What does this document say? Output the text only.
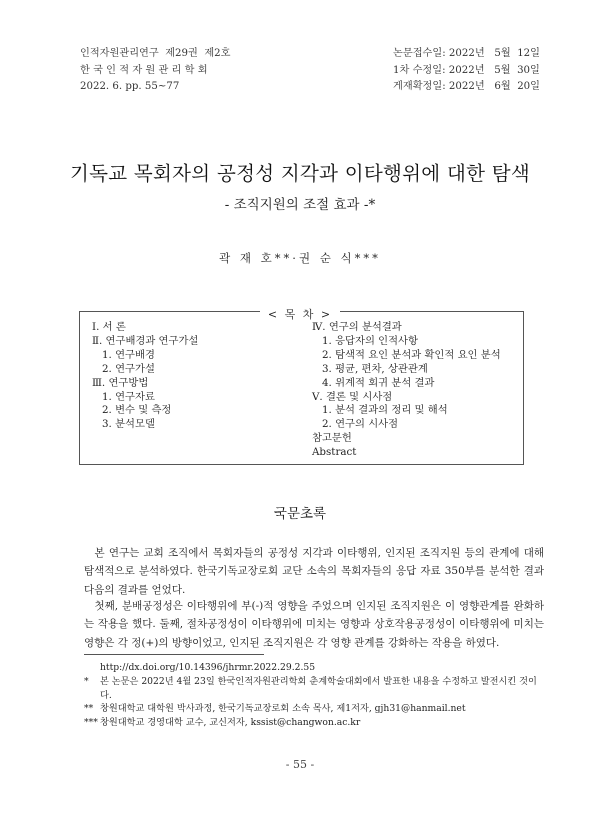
인적자원관리연구  제29권  제2호
한 국 인 적 자 원 관 리 학 회
2022. 6. pp. 55~77
논문접수일: 2022년   5월  12일
1차 수정일: 2022년   5월  30일
게재확정일: 2022년   6월  20일
기독교 목회자의 공정성 지각과 이타행위에 대한 탐색
- 조직지원의 조절 효과 -*
곽 재 호**·권 순 식***
< 목 차 >
Ⅰ. 서 론
Ⅱ. 연구배경과 연구가설
1. 연구배경
2. 연구가설
Ⅲ. 연구방법
1. 연구자료
2. 변수 및 측정
3. 분석모델
Ⅳ. 연구의 분석결과
1. 응답자의 인적사항
2. 탐색적 요인 분석과 확인적 요인 분석
3. 평균, 편차, 상관관계
4. 위계적 회귀 분석 결과
Ⅴ. 결론 및 시사점
1. 분석 결과의 정리 및 해석
2. 연구의 시사점
참고문헌
Abstract
국문초록

본 연구는 교회 조직에서 목회자들의 공정성 지각과 이타행위, 인지된 조직지원 등의 관계에 대해 탐색적으로 분석하였다. 한국기독교장로회 교단 소속의 목회자들의 응답 자료 350부를 분석한 결과 다음의 결과를 얻었다.

첫째, 분배공정성은 이타행위에 부(-)적 영향을 주었으며 인지된 조직지원은 이 영향관계를 완화하는 작용을 했다. 둘째, 절차공정성이 이타행위에 미치는 영향과 상호작용공정성이 이타행위에 미치는 영향은 각 정(+)의 방향이었고, 인지된 조직지원은 각 영향 관계를 강화하는 작용을 하였다.

http://dx.doi.org/10.14396/jhrmr.2022.29.2.55
* 본 논문은 2022년 4월 23일 한국인적자원관리학회 춘계학술대회에서 발표한 내용을 수정하고 발전시킨 것이다.
** 창원대학교 대학원 박사과정, 한국기독교장로회 소속 목사, 제1저자, gjh31@hanmail.net
*** 창원대학교 경영대학 교수, 교신저자, kssist@changwon.ac.kr
- 55 -
